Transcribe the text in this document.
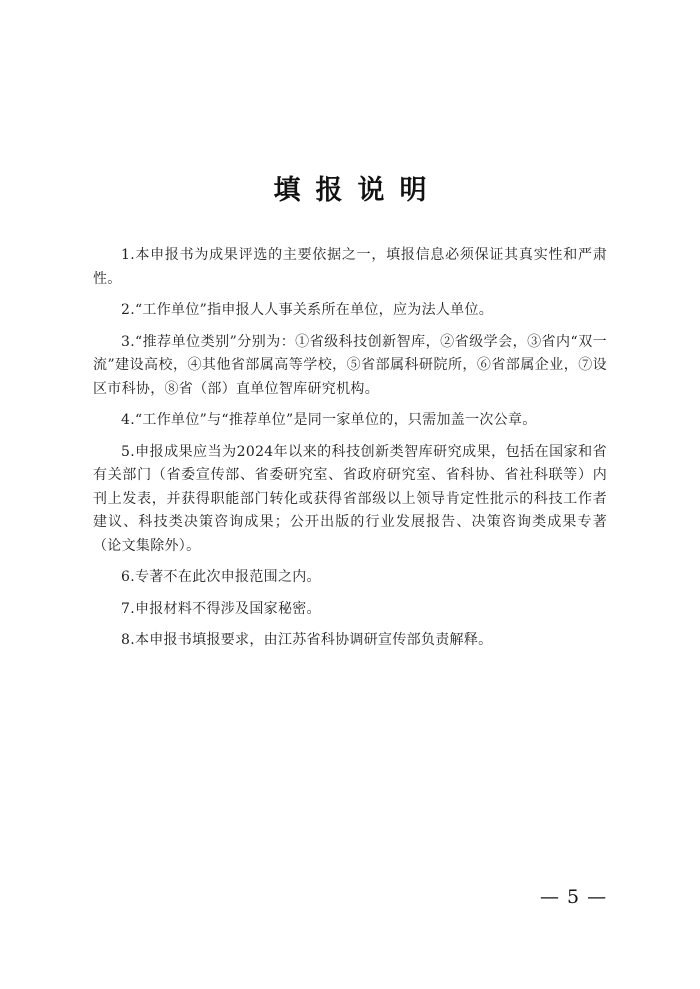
填报说明

1.本申报书为成果评选的主要依据之一，填报信息必须保证其真实性和严肃性。

2.“工作单位”指申报人人事关系所在单位，应为法人单位。

3.“推荐单位类别”分别为：①省级科技创新智库，②省级学会，③省内“双一流”建设高校，④其他省部属高等学校，⑤省部属科研院所，⑥省部属企业，⑦设区市科协，⑧省（部）直单位智库研究机构。

4.“工作单位”与“推荐单位”是同一家单位的，只需加盖一次公章。

5.申报成果应当为2024年以来的科技创新类智库研究成果，包括在国家和省有关部门（省委宣传部、省委研究室、省政府研究室、省科协、省社科联等）内刊上发表，并获得职能部门转化或获得省部级以上领导肯定性批示的科技工作者建议、科技类决策咨询成果；公开出版的行业发展报告、决策咨询类成果专著（论文集除外）。

6.专著不在此次申报范围之内。

7.申报材料不得涉及国家秘密。

8.本申报书填报要求，由江苏省科协调研宣传部负责解释。

— 5 —
